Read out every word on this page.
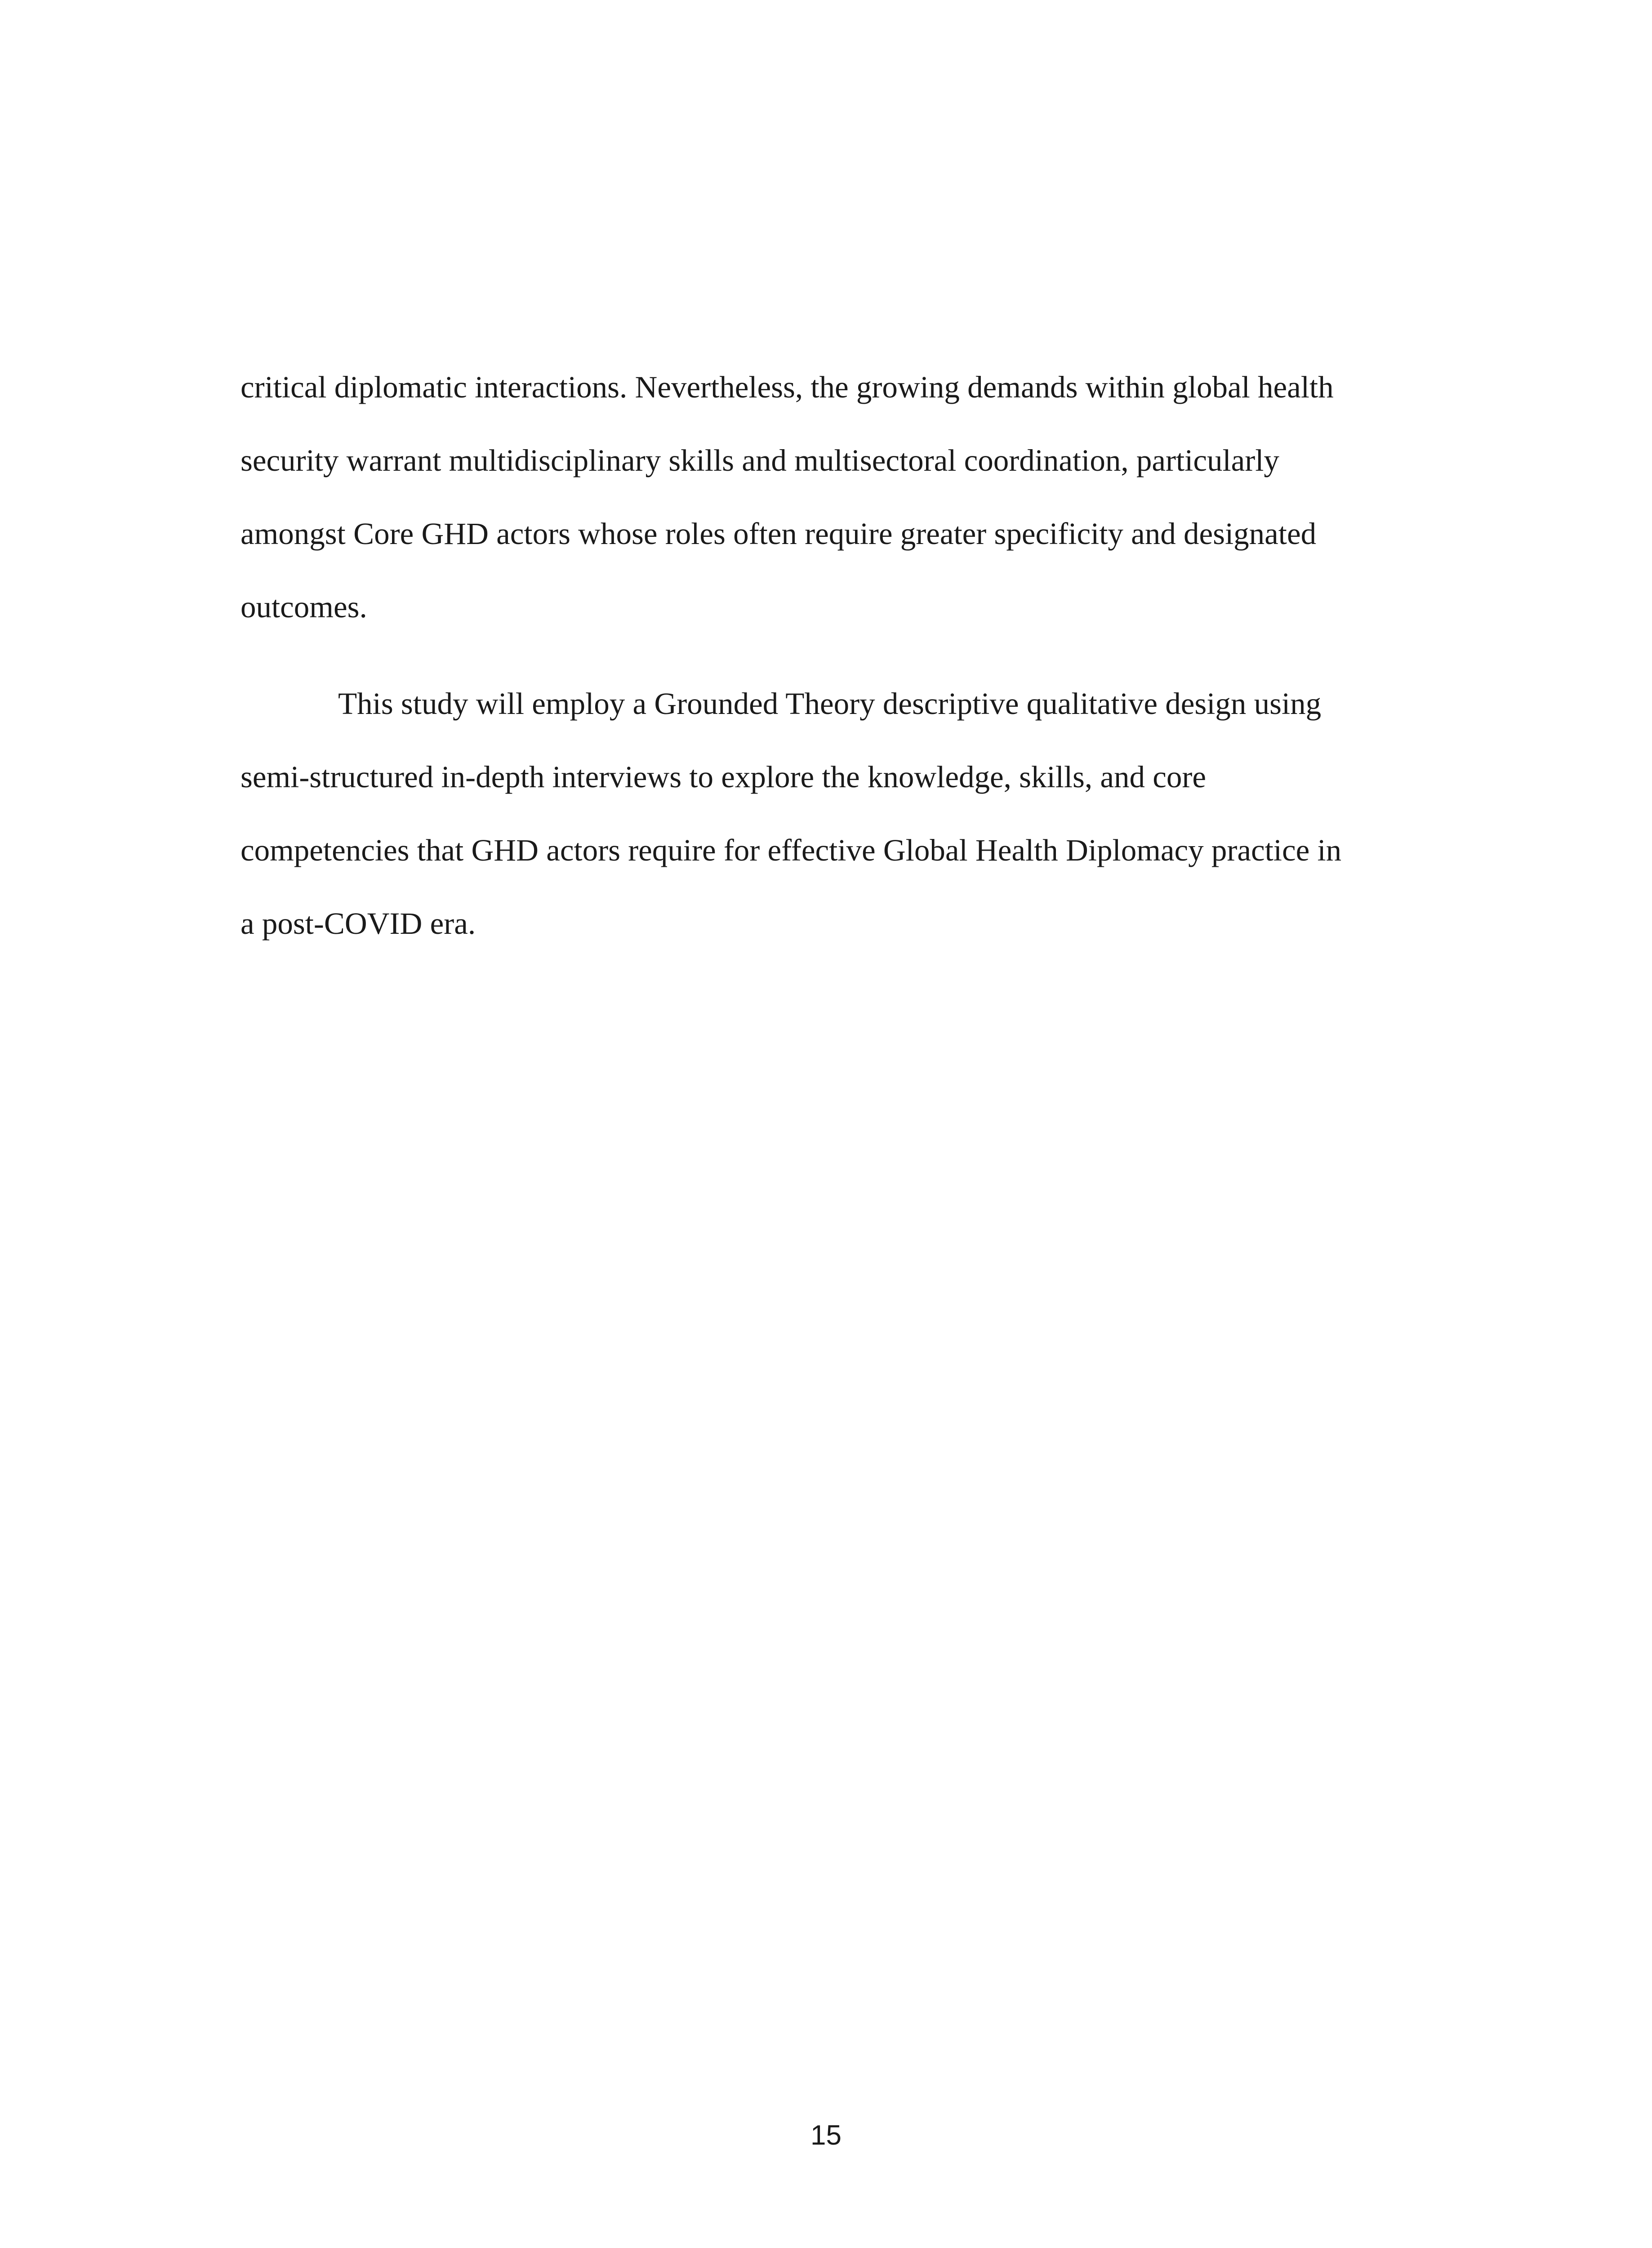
critical diplomatic interactions. Nevertheless, the growing demands within global health

security warrant multidisciplinary skills and multisectoral coordination, particularly

amongst Core GHD actors whose roles often require greater specificity and designated

outcomes.

This study will employ a Grounded Theory descriptive qualitative design using

semi-structured in-depth interviews to explore the knowledge, skills, and core

competencies that GHD actors require for effective Global Health Diplomacy practice in

a post-COVID era.

15
